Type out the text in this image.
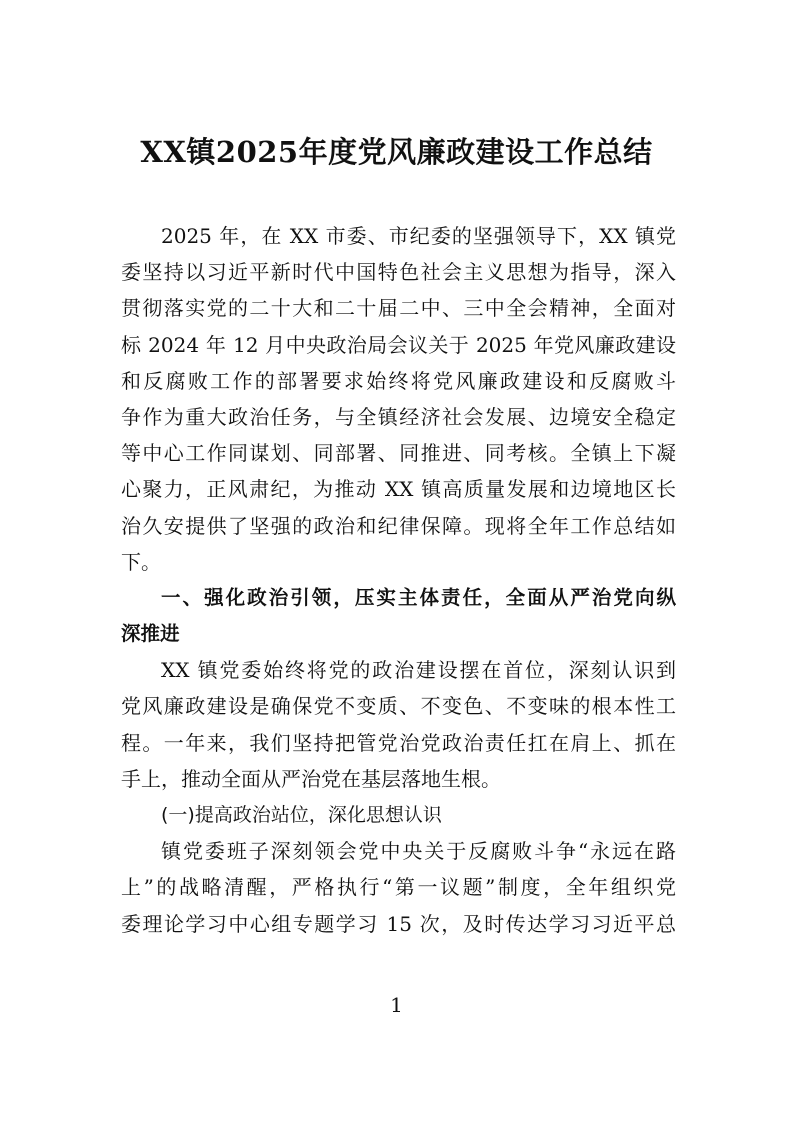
XX镇2025年度党风廉政建设工作总结
2025 年，在 XX 市委、市纪委的坚强领导下，XX 镇党
委坚持以习近平新时代中国特色社会主义思想为指导，深入
贯彻落实党的二十大和二十届二中、三中全会精神，全面对
标 2024 年 12 月中央政治局会议关于 2025 年党风廉政建设
和反腐败工作的部署要求始终将党风廉政建设和反腐败斗
争作为重大政治任务，与全镇经济社会发展、边境安全稳定
等中心工作同谋划、同部署、同推进、同考核。全镇上下凝
心聚力，正风肃纪，为推动 XX 镇高质量发展和边境地区长
治久安提供了坚强的政治和纪律保障。现将全年工作总结如
下。
一、强化政治引领，压实主体责任，全面从严治党向纵
深推进
XX 镇党委始终将党的政治建设摆在首位，深刻认识到
党风廉政建设是确保党不变质、不变色、不变味的根本性工
程。一年来，我们坚持把管党治党政治责任扛在肩上、抓在
手上，推动全面从严治党在基层落地生根。
(一)提高政治站位，深化思想认识
镇党委班子深刻领会党中央关于反腐败斗争“永远在路
上”的战略清醒，严格执行“第一议题”制度，全年组织党
委理论学习中心组专题学习 15 次，及时传达学习习近平总
1
